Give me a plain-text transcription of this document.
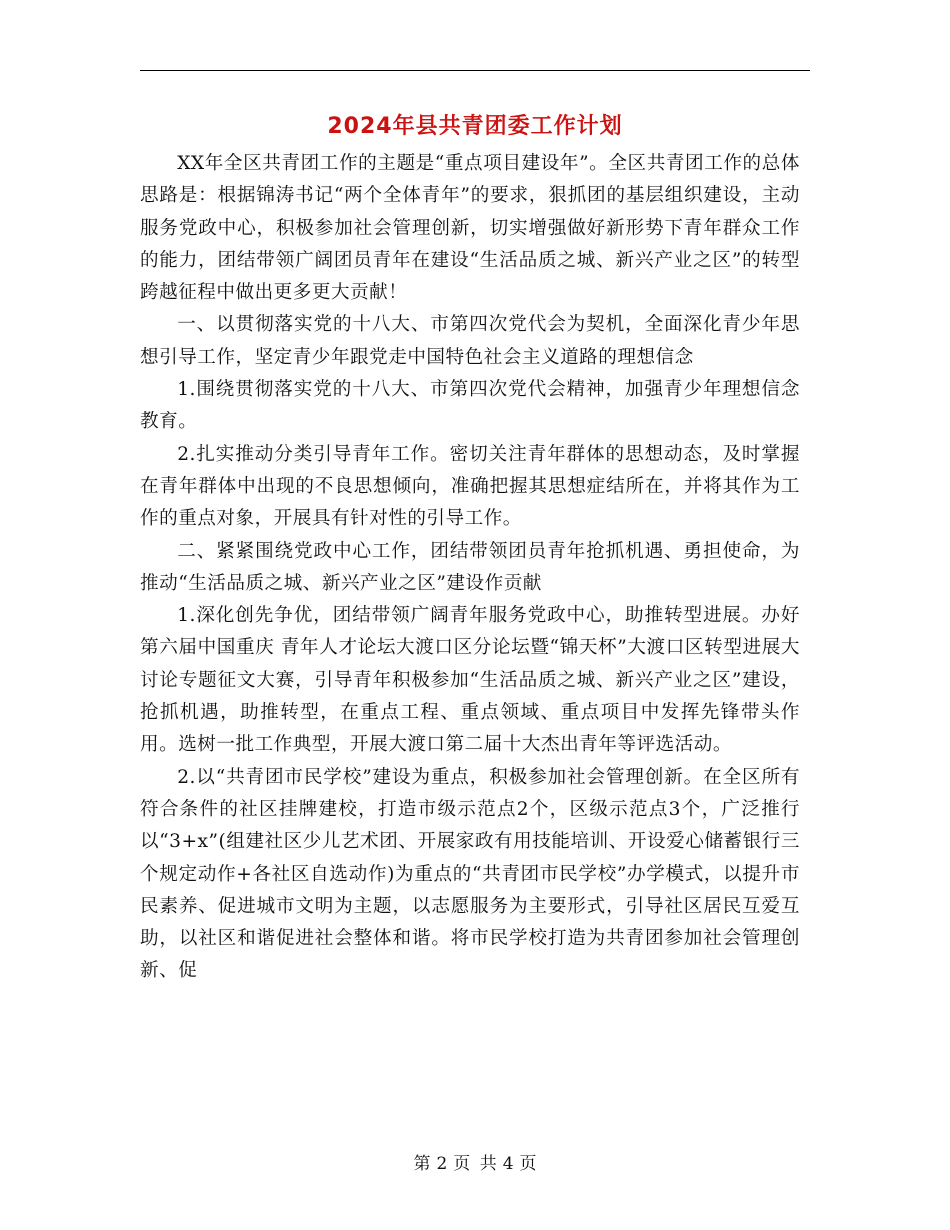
2024年县共青团委工作计划

XX年全区共青团工作的主题是“重点项目建设年”。全区共青团工作的总体思路是：根据锦涛书记“两个全体青年”的要求，狠抓团的基层组织建设，主动服务党政中心，积极参加社会管理创新，切实增强做好新形势下青年群众工作的能力，团结带领广阔团员青年在建设“生活品质之城、新兴产业之区”的转型跨越征程中做出更多更大贡献！

一、以贯彻落实党的十八大、市第四次党代会为契机，全面深化青少年思想引导工作，坚定青少年跟党走中国特色社会主义道路的理想信念

1.围绕贯彻落实党的十八大、市第四次党代会精神，加强青少年理想信念教育。

2.扎实推动分类引导青年工作。密切关注青年群体的思想动态，及时掌握在青年群体中出现的不良思想倾向，准确把握其思想症结所在，并将其作为工作的重点对象，开展具有针对性的引导工作。

二、紧紧围绕党政中心工作，团结带领团员青年抢抓机遇、勇担使命，为推动“生活品质之城、新兴产业之区”建设作贡献

1.深化创先争优，团结带领广阔青年服务党政中心，助推转型进展。办好第六届中国重庆 青年人才论坛大渡口区分论坛暨“锦天杯”大渡口区转型进展大讨论专题征文大赛，引导青年积极参加“生活品质之城、新兴产业之区”建设，抢抓机遇，助推转型，在重点工程、重点领域、重点项目中发挥先锋带头作用。选树一批工作典型，开展大渡口第二届十大杰出青年等评选活动。

2.以“共青团市民学校”建设为重点，积极参加社会管理创新。在全区所有符合条件的社区挂牌建校，打造市级示范点2个，区级示范点3个，广泛推行以“3+x”(组建社区少儿艺术团、开展家政有用技能培训、开设爱心储蓄银行三个规定动作+各社区自选动作)为重点的“共青团市民学校”办学模式，以提升市民素养、促进城市文明为主题，以志愿服务为主要形式，引导社区居民互爱互助，以社区和谐促进社会整体和谐。将市民学校打造为共青团参加社会管理创新、促

第 2 页 共 4 页
